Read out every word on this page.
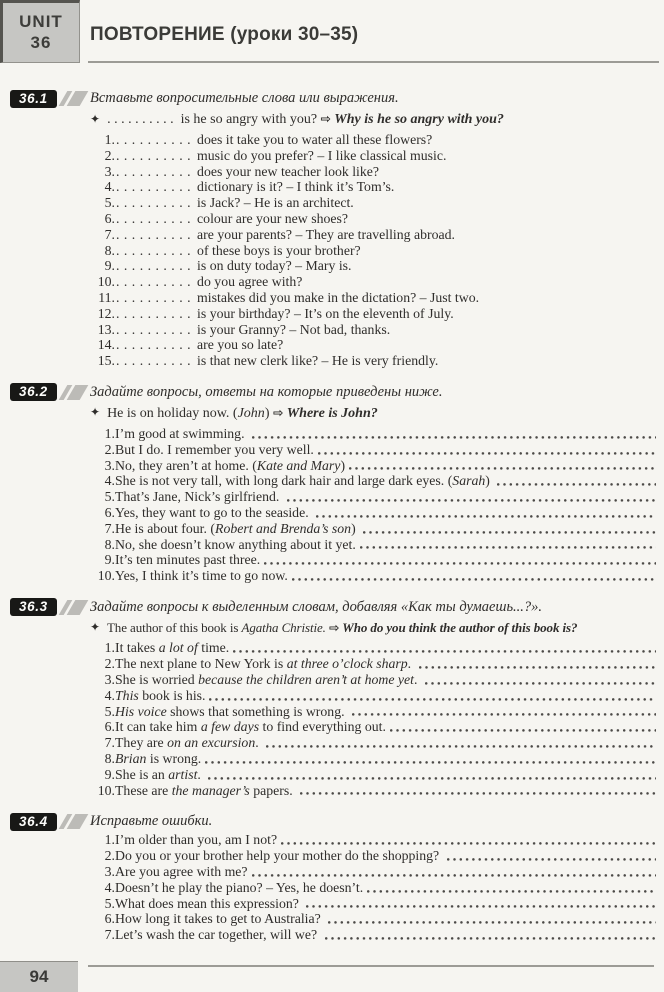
UNIT
36 ПОВТОРЕНИЕ (уроки 30–35)
36.1	Вставьте вопросительные слова или выражения.
✦ . . . . . . . . . .  is he so angry with you? ⇨ Why is he so angry with you?
1. . . . . . . . . . . does it take you to water all these flowers?
2. . . . . . . . . . . music do you prefer? – I like classical music.
3. . . . . . . . . . . does your new teacher look like?
4. . . . . . . . . . . dictionary is it? – I think it’s Tom’s.
5. . . . . . . . . . . is Jack? – He is an architect.
6. . . . . . . . . . . colour are your new shoes?
7. . . . . . . . . . . are your parents? – They are travelling abroad.
8. . . . . . . . . . . of these boys is your brother?
9. . . . . . . . . . . is on duty today? – Mary is.
10. . . . . . . . . . . do you agree with?
11. . . . . . . . . . . mistakes did you make in the dictation? – Just two.
12. . . . . . . . . . . is your birthday? – It’s on the eleventh of July.
13. . . . . . . . . . . is your Granny? – Not bad, thanks.
14. . . . . . . . . . . are you so late?
15. . . . . . . . . . . is that new clerk like? – He is very friendly.
36.2	Задайте вопросы, ответы на которые приведены ниже.
✦ He is on holiday now. (John) ⇨ Where is John?
1. I’m good at swimming.
2. But I do. I remember you very well.
3. No, they aren’t at home. (Kate and Mary)
4. She is not very tall, with long dark hair and large dark eyes. (Sarah)
5. That’s Jane, Nick’s girlfriend.
6. Yes, they want to go to the seaside.
7. He is about four. (Robert and Brenda’s son)
8. No, she doesn’t know anything about it yet.
9. It’s ten minutes past three.
10. Yes, I think it’s time to go now.
36.3	Задайте вопросы к выделенным словам, добавляя «Как ты думаешь...?».
✦ The author of this book is Agatha Christie. ⇨ Who do you think the author of this book is?
1. It takes a lot of time.
2. The next plane to New York is at three o’clock sharp.
3. She is worried because the children aren’t at home yet.
4. This book is his.
5. His voice shows that something is wrong.
6. It can take him a few days to find everything out.
7. They are on an excursion.
8. Brian is wrong.
9. She is an artist.
10. These are the manager’s papers.
36.4	Исправьте ошибки.
1. I’m older than you, am I not?
2. Do you or your brother help your mother do the shopping?
3. Are you agree with me?
4. Doesn’t he play the piano? – Yes, he doesn’t.
5. What does mean this expression?
6. How long it takes to get to Australia?
7. Let’s wash the car together, will we?
94
